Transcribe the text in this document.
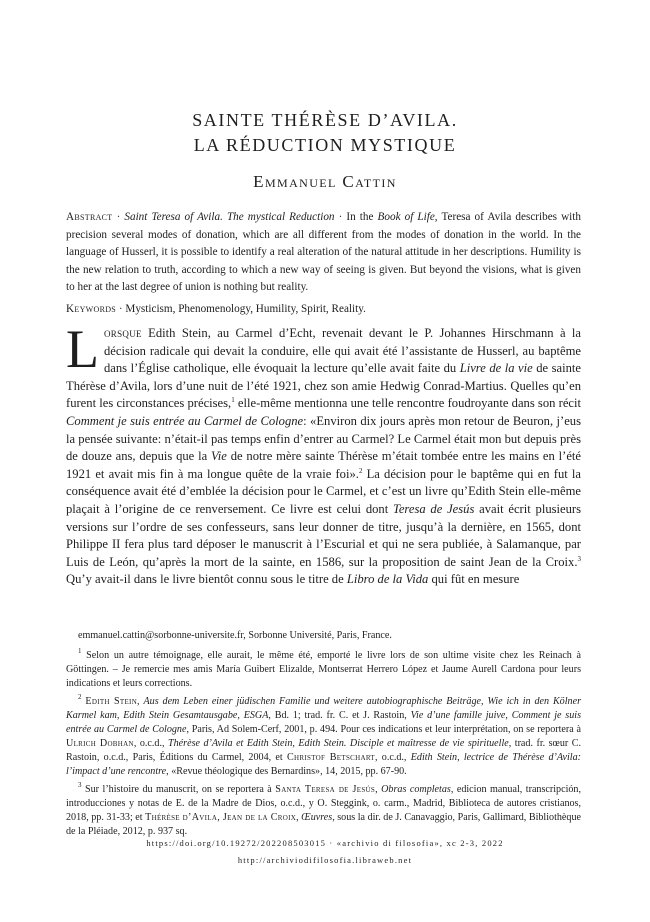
SAINTE THÉRÈSE D’AVILA.
LA RÉDUCTION MYSTIQUE
Emmanuel Cattin
Abstract · Saint Teresa of Avila. The mystical Reduction · In the Book of Life, Teresa of Avila describes with precision several modes of donation, which are all different from the modes of donation in the world. In the language of Husserl, it is possible to identify a real alteration of the natural attitude in her descriptions. Humility is the new relation to truth, according to which a new way of seeing is given. But beyond the visions, what is given to her at the last degree of union is nothing but reality.
Keywords · Mysticism, Phenomenology, Humility, Spirit, Reality.

Lorsque Edith Stein, au Carmel d’Echt, revenait devant le P. Johannes Hirschmann à la décision radicale qui devait la conduire, elle qui avait été l’assistante de Husserl, au baptême dans l’Église catholique, elle évoquait la lecture qu’elle avait faite du Livre de la vie de sainte Thérèse d’Avila, lors d’une nuit de l’été 1921, chez son amie Hedwig Conrad-Martius. Quelles qu’en furent les circonstances précises,$^1$ elle-même mentionna une telle rencontre foudroyante dans son récit Comment je suis entrée au Carmel de Cologne: «Environ dix jours après mon retour de Beuron, j’eus la pensée suivante: n’était-il pas temps enfin d’entrer au Carmel? Le Carmel était mon but depuis près de douze ans, depuis que la Vie de notre mère sainte Thérèse m’était tombée entre les mains en l’été 1921 et avait mis fin à ma longue quête de la vraie foi».$^2$ La décision pour le baptême qui en fut la conséquence avait été d’emblée la décision pour le Carmel, et c’est un livre qu’Edith Stein elle-même plaçait à l’origine de ce renversement. Ce livre est celui dont Teresa de Jesús avait écrit plusieurs versions sur l’ordre de ses confesseurs, sans leur donner de titre, jusqu’à la dernière, en 1565, dont Philippe II fera plus tard déposer le manuscrit à l’Escurial et qui ne sera publiée, à Salamanque, par Luis de León, qu’après la mort de la sainte, en 1586, sur la proposition de saint Jean de la Croix.$^3$ Qu’y avait-il dans le livre bientôt connu sous le titre de Libro de la Vida qui fût en mesure

emmanuel.cattin@sorbonne-universite.fr, Sorbonne Université, Paris, France.

$^1$ Selon un autre témoignage, elle aurait, le même été, emporté le livre lors de son ultime visite chez les Reinach à Göttingen. – Je remercie mes amis María Guibert Elizalde, Montserrat Herrero López et Jaume Aurell Cardona pour leurs indications et leurs corrections.

$^2$ Edith Stein, Aus dem Leben einer jüdischen Familie und weitere autobiographische Beiträge, Wie ich in den Kölner Karmel kam, Edith Stein Gesamtausgabe, ESGA, Bd. 1; trad. fr. C. et J. Rastoin, Vie d’une famille juive, Comment je suis entrée au Carmel de Cologne, Paris, Ad Solem-Cerf, 2001, p. 494. Pour ces indications et leur interprétation, on se reportera à Ulrich Dobhan, o.c.d., Thérèse d’Avila et Edith Stein, Edith Stein. Disciple et maîtresse de vie spirituelle, trad. fr. sœur C. Rastoin, o.c.d., Paris, Éditions du Carmel, 2004, et Christof Betschart, o.c.d., Edith Stein, lectrice de Thérèse d’Avila: l’impact d’une rencontre, «Revue théologique des Bernardins», 14, 2015, pp. 67-90.

$^3$ Sur l’histoire du manuscrit, on se reportera à Santa Teresa de Jesús, Obras completas, edicion manual, transcripción, introducciones y notas de E. de la Madre de Dios, o.c.d., y O. Steggink, o. carm., Madrid, Biblioteca de autores cristianos, 2018, pp. 31-33; et Thérèse d’Avila, Jean de la Croix, Œuvres, sous la dir. de J. Canavaggio, Paris, Gallimard, Bibliothèque de la Pléiade, 2012, p. 937 sq.

https://doi.org/10.19272/202208503015 · «archivio di filosofia», xc 2-3, 2022
http://archiviodifilosofia.libraweb.net
